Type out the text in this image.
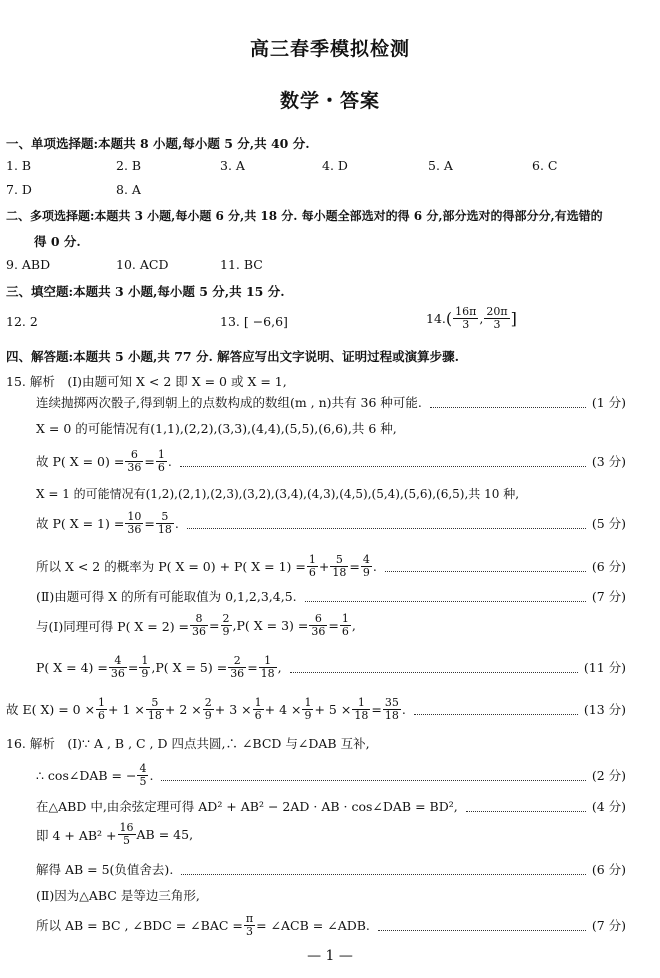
高三春季模拟检测
数学・答案
一、单项选择题:本题共 8 小题,每小题 5 分,共 40 分.
1. B	2. B	3. A	4. D	5. A	6. C
7. D	8. A
二、多项选择题:本题共 3 小题,每小题 6 分,共 18 分. 每小题全部选对的得 6 分,部分选对的得部分分,有选错的
得 0 分.
9. ABD	10. ACD	11. BC
三、填空题:本题共 3 小题,每小题 5 分,共 15 分.
12. 2	13. [ −6,6]	14. ( $\frac{16\pi}{3}$ , $\frac{20\pi}{3}$ ]
四、解答题:本题共 5 小题,共 77 分. 解答应写出文字说明、证明过程或演算步骤.
15. 解析　(Ⅰ)由题可知 X < 2 即 X = 0 或 X = 1,
连续抛掷两次骰子,得到朝上的点数构成的数组(m , n)共有 36 种可能.	(1 分)
X = 0 的可能情况有(1,1),(2,2),(3,3),(4,4),(5,5),(6,6),共 6 种,
故 P( $X = 0) = \frac{6}{36} = \frac{1}{6}$ .	(3 分)
X = 1 的可能情况有(1,2),(2,1),(2,3),(3,2),(3,4),(4,3),(4,5),(5,4),(5,6),(6,5),共 10 种,
故 P( $X = 1) = \frac{10}{36} = \frac{5}{18}$ .	(5 分)
所以 X < 2 的概率为 P( X = 0) + P( $X = 1) = \frac{1}{6} + \frac{5}{18} = \frac{4}{9}$ .	(6 分)
(Ⅱ)由题可得 X 的所有可能取值为 0,1,2,3,4,5.	(7 分)
与(Ⅰ)同理可得 P( $X = 2) = \frac{8}{36} = \frac{2}{9} ,P$( $X = 3) = \frac{6}{36} = \frac{1}{6}$ ,
P( $X = 4) = \frac{4}{36} = \frac{1}{9} ,P$( $X = 5) = \frac{2}{36} = \frac{1}{18}$ ,	(11 分)
故 E( $X) = 0 \times \frac{1}{6} + 1 \times \frac{5}{18} + 2 \times \frac{2}{9} + 3 \times \frac{1}{6} + 4 \times \frac{1}{9} + 5 \times \frac{1}{18} = \frac{35}{18}$ .	(13 分)
16. 解析　(Ⅰ)∵ A , B , C , D 四点共圆,∴ ∠BCD 与∠DAB 互补,
∴ cos∠DAB = − $\frac{4}{5}$ .	(2 分)
在△ABD 中,由余弦定理可得 AD² + AB² − 2AD · AB · cos∠DAB = BD²,	(4 分)
即 $4 + AB^2 + \frac{16}{5}$ AB = 45,
解得 AB = 5(负值舍去).	(6 分)
(Ⅱ)因为△ABC 是等边三角形,
所以 AB = BC , ∠BDC = ∠BAC = $\frac{\pi}{3}$ = ∠ACB = ∠ADB.	(7 分)
— 1 —
